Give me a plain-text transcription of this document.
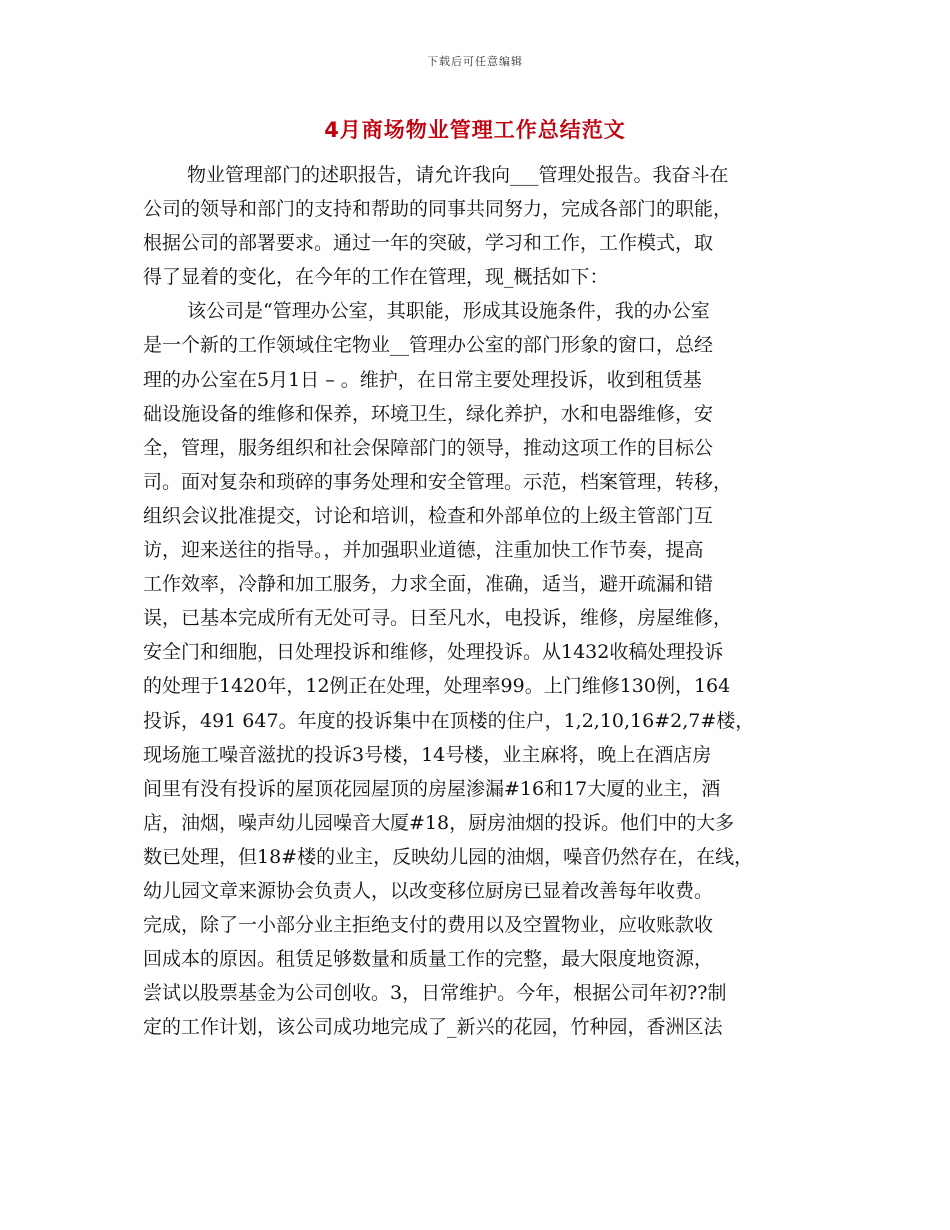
下载后可任意编辑
4月商场物业管理工作总结范文
物业管理部门的述职报告，请允许我向___管理处报告。我奋斗在
公司的领导和部门的支持和帮助的同事共同努力，完成各部门的职能，
根据公司的部署要求。通过一年的突破，学习和工作，工作模式，取
得了显着的变化，在今年的工作在管理，现_概括如下：
该公司是“管理办公室，其职能，形成其设施条件，我的办公室
是一个新的工作领域住宅物业__管理办公室的部门形象的窗口，总经
理的办公室在5月1日 – 。维护，在日常主要处理投诉，收到租赁基
础设施设备的维修和保养，环境卫生，绿化养护，水和电器维修，安
全，管理，服务组织和社会保障部门的领导，推动这项工作的目标公
司。面对复杂和琐碎的事务处理和安全管理。示范，档案管理，转移，
组织会议批准提交，讨论和培训，检查和外部单位的上级主管部门互
访，迎来送往的指导。，并加强职业道德，注重加快工作节奏，提高
工作效率，冷静和加工服务，力求全面，准确，适当，避开疏漏和错
误，已基本完成所有无处可寻。日至凡水，电投诉，维修，房屋维修，
安全门和细胞，日处理投诉和维修，处理投诉。从1432收稿处理投诉
的处理于1420年，12例正在处理，处理率99。上门维修130例，164
投诉，491 647。年度的投诉集中在顶楼的住户，1,2,10,16#2,7#楼，
现场施工噪音滋扰的投诉3号楼，14号楼，业主麻将，晚上在酒店房
间里有没有投诉的屋顶花园屋顶的房屋渗漏#16和17大厦的业主，酒
店，油烟，噪声幼儿园噪音大厦#18，厨房油烟的投诉。他们中的大多
数已处理，但18#楼的业主，反映幼儿园的油烟，噪音仍然存在，在线，
幼儿园文章来源协会负责人，以改变移位厨房已显着改善每年收费。
完成，除了一小部分业主拒绝支付的费用以及空置物业，应收账款收
回成本的原因。租赁足够数量和质量工作的完整，最大限度地资源，
尝试以股票基金为公司创收。3，日常维护。今年，根据公司年初??制
定的工作计划，该公司成功地完成了_新兴的花园，竹种园，香洲区法
